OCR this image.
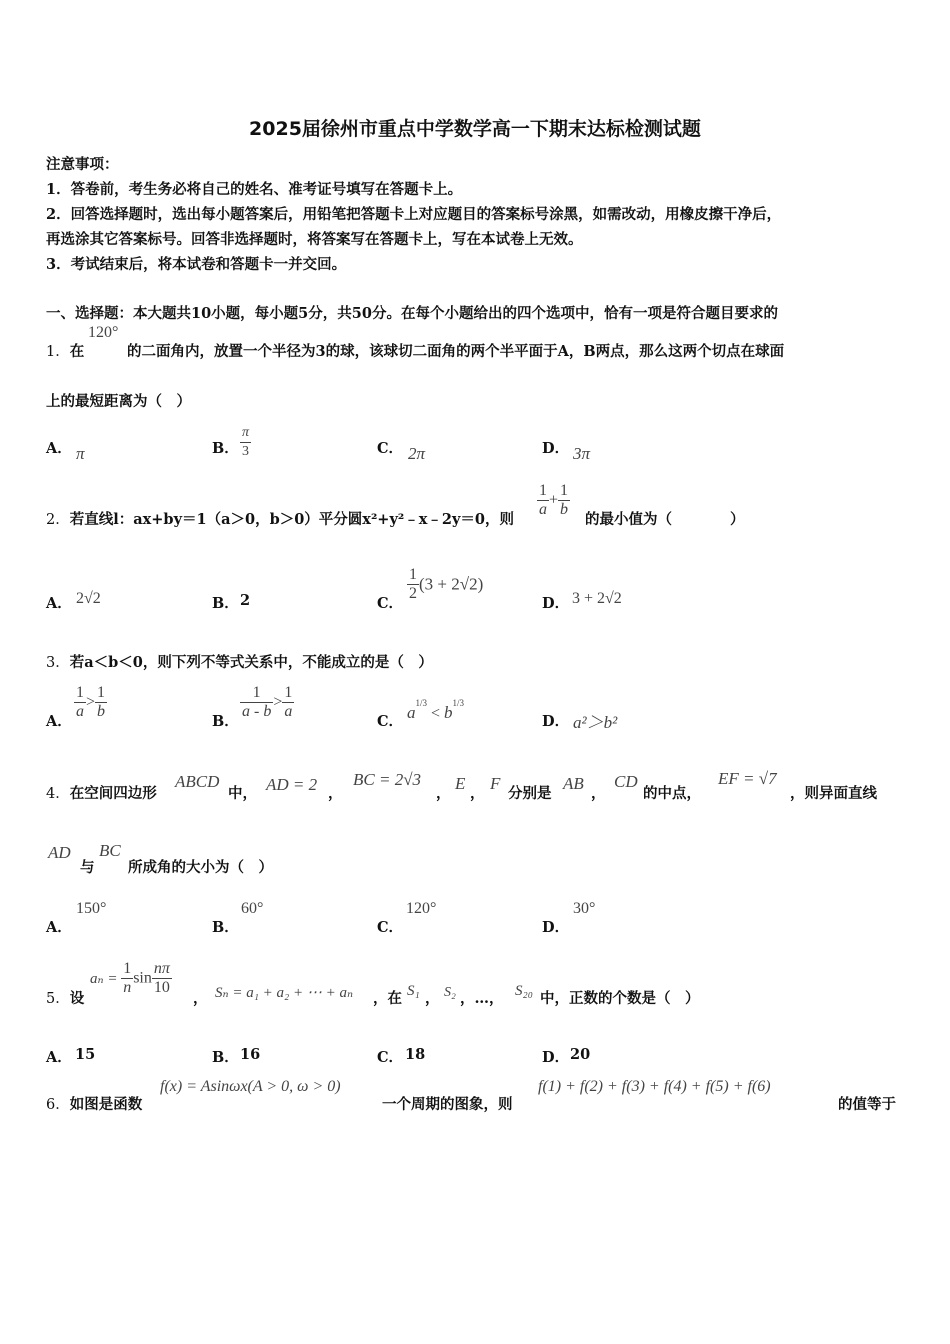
2025届徐州市重点中学数学高一下期末达标检测试题
注意事项：
1．答卷前，考生务必将自己的姓名、准考证号填写在答题卡上。
2．回答选择题时，选出每小题答案后，用铅笔把答题卡上对应题目的答案标号涂黑，如需改动，用橡皮擦干净后，
再选涂其它答案标号。回答非选择题时，将答案写在答题卡上，写在本试卷上无效。
3．考试结束后，将本试卷和答题卡一并交回。
一、选择题：本大题共10小题，每小题5分，共50分。在每个小题给出的四个选项中，恰有一项是符合题目要求的
1．在
120°
的二面角内，放置一个半径为3的球，该球切二面角的两个半平面于A，B两点，那么这两个切点在球面
上的最短距离为（　）
A． π	B． $\frac{\pi}{3}$	C． 2π	D． 3π
2．若直线l：ax+by＝1（a＞0，b＞0）平分圆x²+y²﹣x﹣2y＝0，则
$\frac{1}{a} + \frac{1}{b}$
的最小值为（　　　　）
A． 2√2	B． 2	C．
$\frac{1}{2} (3 + 2√2)$
D． 3 + 2√2
3．若a＜b＜0，则下列不等式关系中，不能成立的是（　）
A．
$\frac{1}{a} > \frac{1}{b}$
B．
$\frac{1}{a - b} > \frac{1}{a}$
C． $a^{1/3} < b^{1/3}$
D． a²＞b²
4．在空间四边形
ABCD
中， AD = 2 ，
BC = 2√3
，
E
，
F
分别是
AB
，
CD
的中点，
EF = √7
，则异面直线
AD
与
BC
所成角的大小为（　）
A．
150°
B．
60°
C．
120°
D．
30°
5．设
$a_n = \frac{1}{n}$ $\sin \frac{n\pi}{10}$
， Sₙ = a₁ + a₂ + ⋯ + aₙ ，在 S₁ ， S₂ ，…， S₂₀ 中，正数的个数是（　）
A． 15	B． 16	C． 18	D． 20
6．如图是函数
f(x) = Asinωx(A > 0, ω > 0)
一个周期的图象，则
f(1) + f(2) + f(3) + f(4) + f(5) + f(6)
的值等于
